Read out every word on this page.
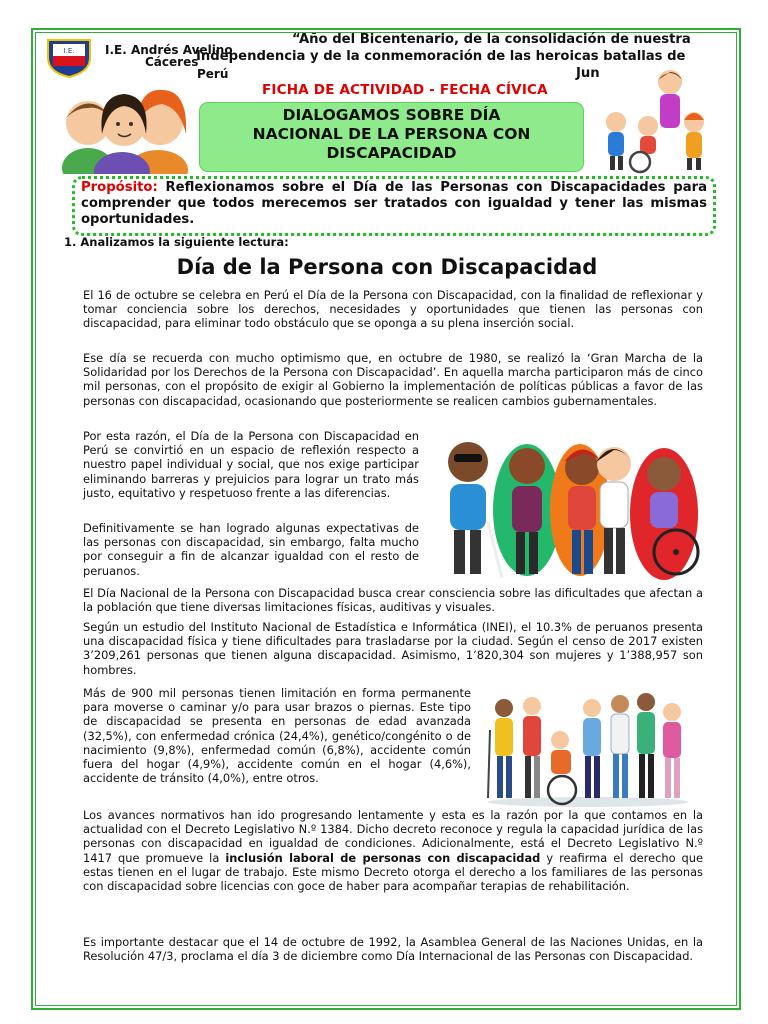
I.E.	I.E. Andrés Avelino
Cáceres
Perú
“Año del Bicentenario, de la consolidación de nuestra
Independencia y de la conmemoración de las heroicas batallas de
Jun
FICHA DE ACTIVIDAD - FECHA CÍVICA
DIALOGAMOS SOBRE DÍA
NACIONAL DE LA PERSONA CON
DISCAPACIDAD
Propósito: Reflexionamos sobre el Día de las Personas con Discapacidades para comprender que todos merecemos ser tratados con igualdad y tener las mismas oportunidades.
1. Analizamos la siguiente lectura:
Día de la Persona con Discapacidad
El 16 de octubre se celebra en Perú el Día de la Persona con Discapacidad, con la finalidad de reflexionar y tomar conciencia sobre los derechos, necesidades y oportunidades que tienen las personas con discapacidad, para eliminar todo obstáculo que se oponga a su plena inserción social.
Ese día se recuerda con mucho optimismo que, en octubre de 1980, se realizó la ‘Gran Marcha de la Solidaridad por los Derechos de la Persona con Discapacidad’. En aquella marcha participaron más de cinco mil personas, con el propósito de exigir al Gobierno la implementación de políticas públicas a favor de las personas con discapacidad, ocasionando que posteriormente se realicen cambios gubernamentales.
Por esta razón, el Día de la Persona con Discapacidad en Perú se convirtió en un espacio de reflexión respecto a nuestro papel individual y social, que nos exige participar eliminando barreras y prejuicios para lograr un trato más justo, equitativo y respetuoso frente a las diferencias.
Definitivamente se han logrado algunas expectativas de las personas con discapacidad, sin embargo, falta mucho por conseguir a fin de alcanzar igualdad con el resto de peruanos.
El Día Nacional de la Persona con Discapacidad busca crear consciencia sobre las dificultades que afectan a la población que tiene diversas limitaciones físicas, auditivas y visuales.
Según un estudio del Instituto Nacional de Estadística e Informática (INEI), el 10.3% de peruanos presenta una discapacidad física y tiene dificultades para trasladarse por la ciudad. Según el censo de 2017 existen 3’209,261 personas que tienen alguna discapacidad. Asimismo, 1’820,304 son mujeres y 1’388,957 son hombres.
Más de 900 mil personas tienen limitación en forma permanente para moverse o caminar y/o para usar brazos o piernas. Este tipo de discapacidad se presenta en personas de edad avanzada (32,5%), con enfermedad crónica (24,4%), genético/congénito o de nacimiento (9,8%), enfermedad común (6,8%), accidente común fuera del hogar (4,9%), accidente común en el hogar (4,6%), accidente de tránsito (4,0%), entre otros.
Los avances normativos han ido progresando lentamente y esta es la razón por la que contamos en la actualidad con el Decreto Legislativo N.º 1384. Dicho decreto reconoce y regula la capacidad jurídica de las personas con discapacidad en igualdad de condiciones. Adicionalmente, está el Decreto Legislativo N.º 1417 que promueve la inclusión laboral de personas con discapacidad y reafirma el derecho que estas tienen en el lugar de trabajo. Este mismo Decreto otorga el derecho a los familiares de las personas con discapacidad sobre licencias con goce de haber para acompañar terapias de rehabilitación.
Es importante destacar que el 14 de octubre de 1992, la Asamblea General de las Naciones Unidas, en la Resolución 47/3, proclama el día 3 de diciembre como Día Internacional de las Personas con Discapacidad.
